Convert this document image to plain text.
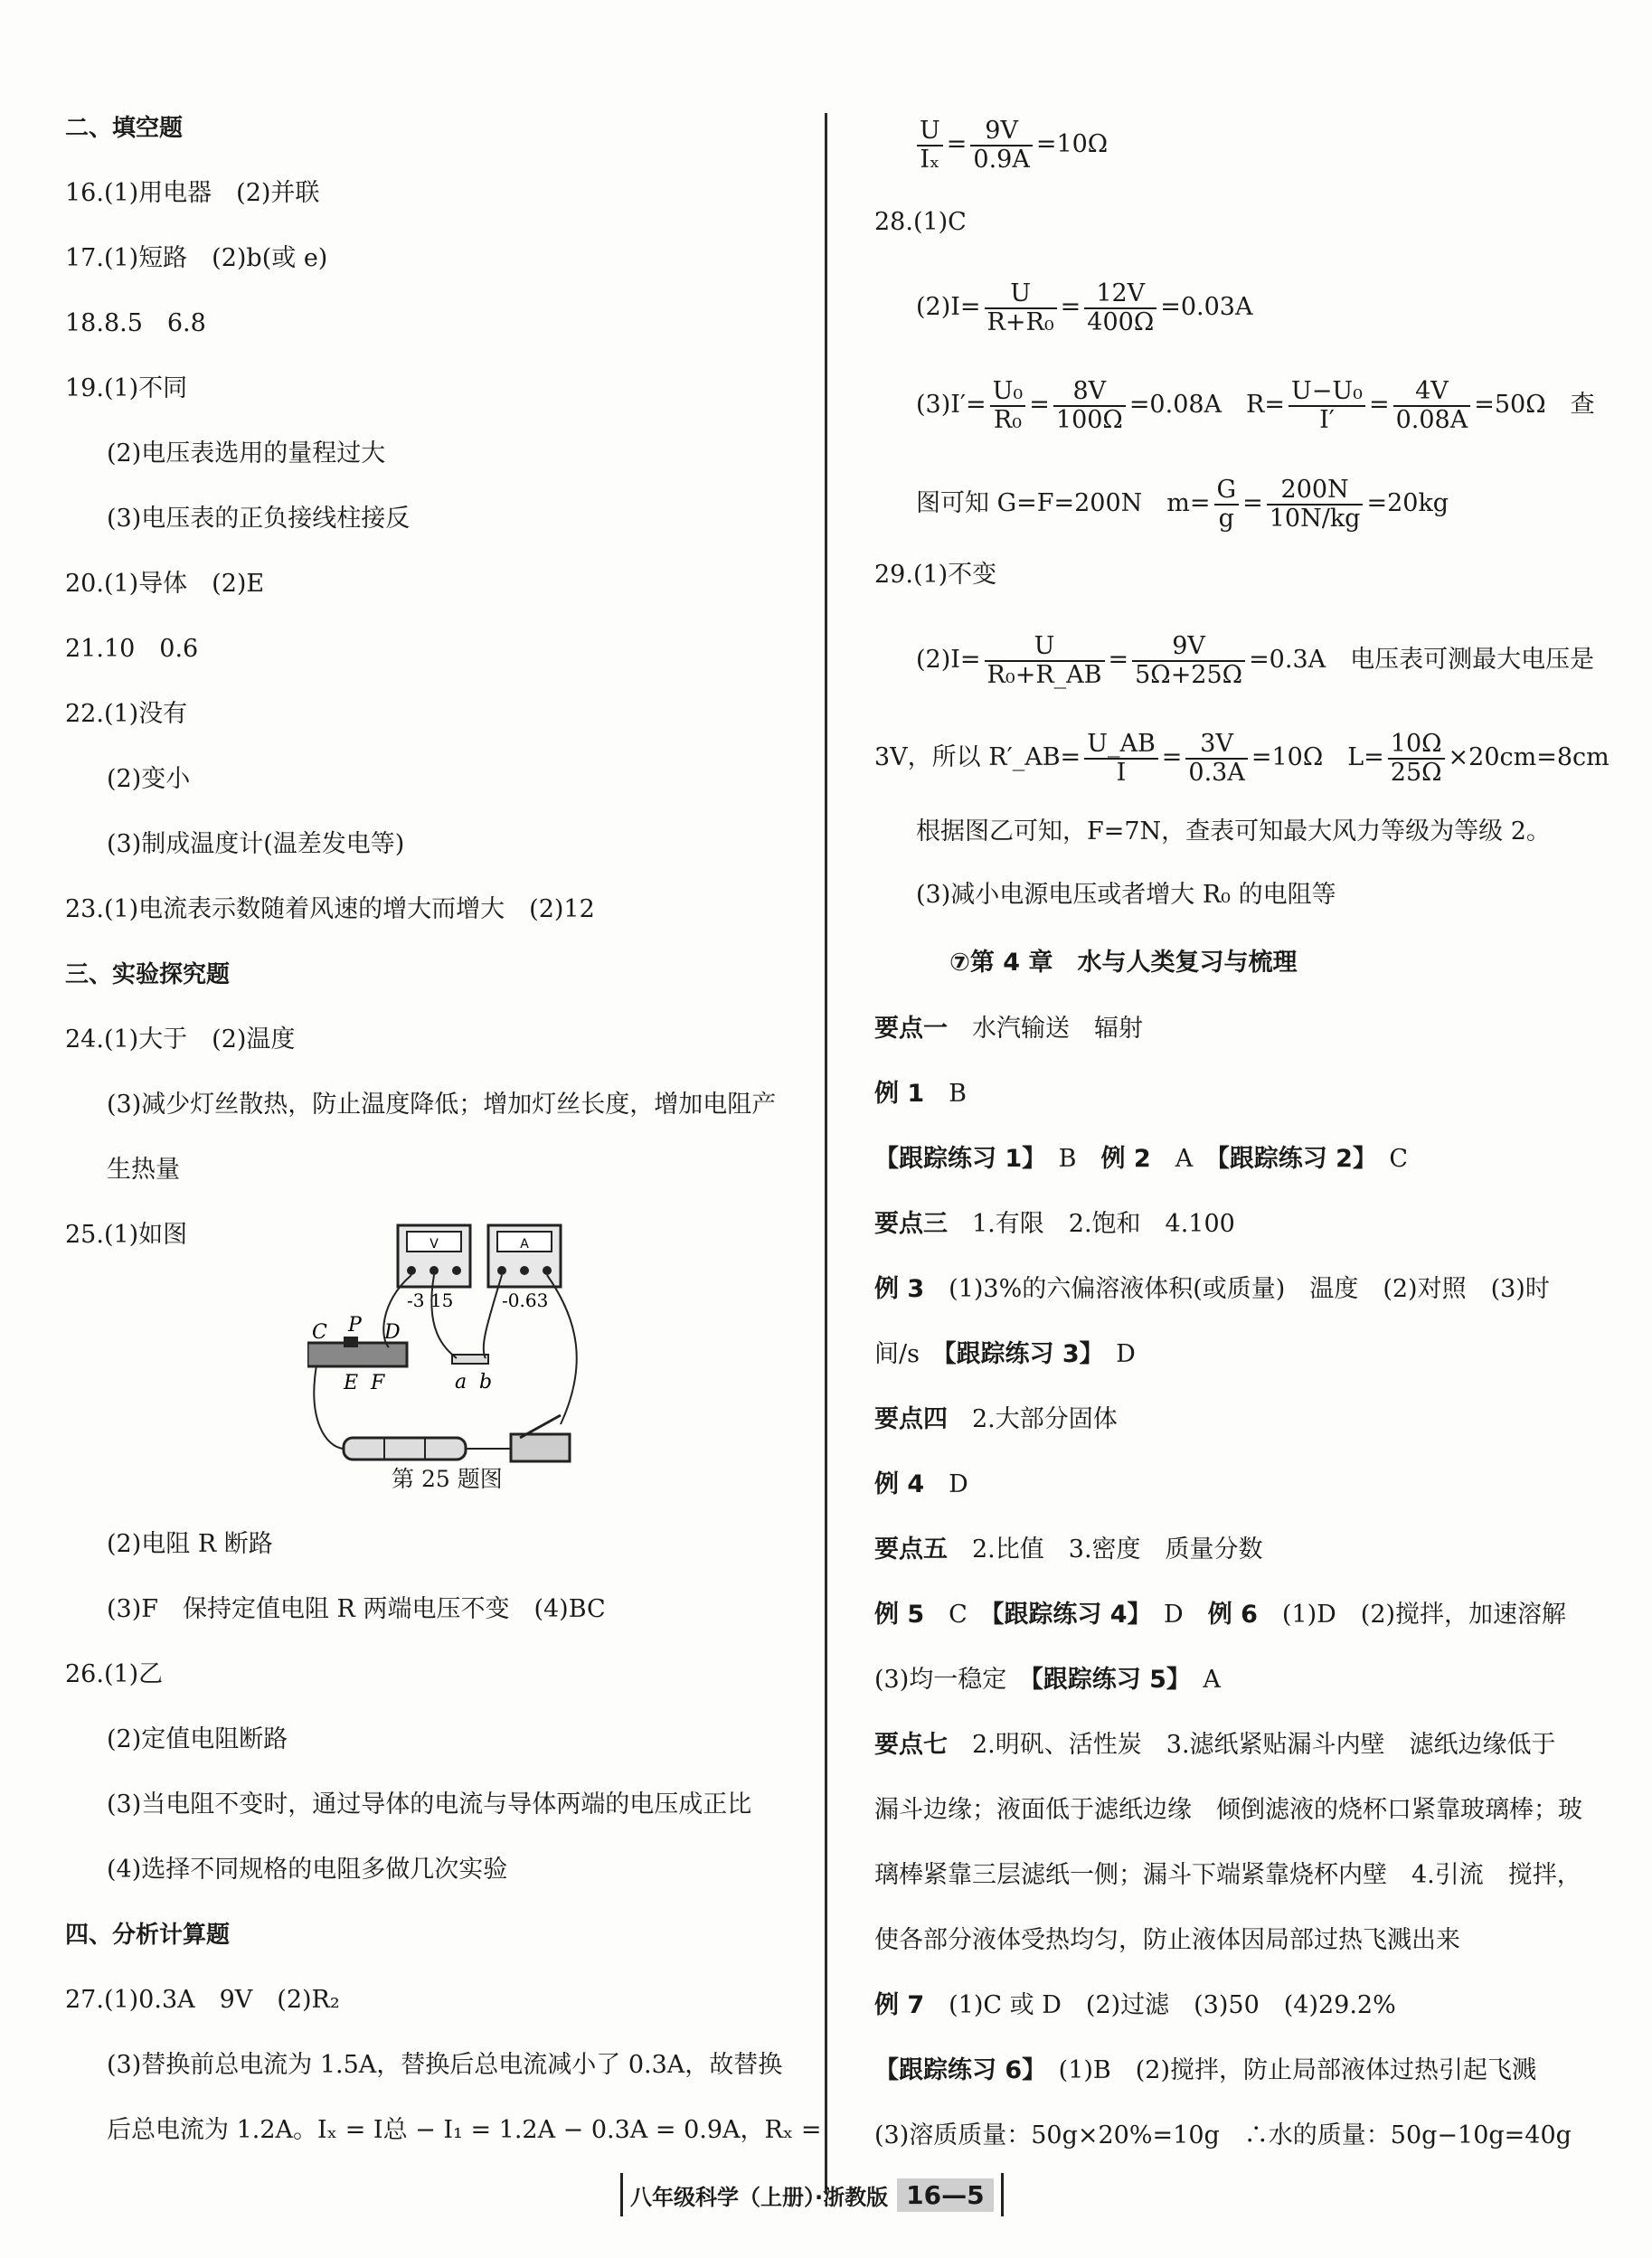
二、填空题
16.(1)用电器　(2)并联
17.(1)短路　(2)b(或 e)
18.8.5　6.8
19.(1)不同
(2)电压表选用的量程过大
(3)电压表的正负接线柱接反
20.(1)导体　(2)E
21.10　0.6
22.(1)没有
(2)变小
(3)制成温度计(温差发电等)
23.(1)电流表示数随着风速的增大而增大　(2)12
三、实验探究题
24.(1)大于　(2)温度
(3)减少灯丝散热，防止温度降低；增加灯丝长度，增加电阻产
生热量
25.(1)如图	V	A
-3 15	-0.63
C P D
E F	a b
第 25 题图
(2)电阻 R 断路
(3)F　保持定值电阻 R 两端电压不变　(4)BC
26.(1)乙
(2)定值电阻断路
(3)当电阻不变时，通过导体的电流与导体两端的电压成正比
(4)选择不同规格的电阻多做几次实验
四、分析计算题
27.(1)0.3A　9V　(2)R₂
(3)替换前总电流为 1.5A，替换后总电流减小了 0.3A，故替换
后总电流为 1.2A。Iₓ = I总 − I₁ = 1.2A − 0.3A = 0.9A，Rₓ =
$\frac{U}{\text{Iₓ}} = \frac{9V}{0.9A} =10\Omega$
28.(1)C
$(2)I= \frac{U}{\text{R+R₀}} = \frac{12V}{400\Omega} =0.03A$
$(3)I'= \frac{\text{U₀}}{\text{R₀}} = \frac{8V}{100\Omega} =0.08A$　$R= \frac{\text{U−U₀}}{I'} = \frac{4V}{0.08A} =50\Omega$　查
图可知 G=F=200N　$m= \frac{G}{g} = \frac{200N}{10N/kg} =20kg$
29.(1)不变
$(2)I= \frac{U}{\text{R₀+R\_AB}} = \frac{9V}{5\Omega+25\Omega} =0.3A$　电压表可测最大电压是
3V，所以 R′_AB= $\frac{U\_AB}{I} = \frac{3V}{0.3A} =10\Omega$　$L= \frac{10\Omega}{25\Omega} \times 20cm=8cm$
根据图乙可知，F=7N，查表可知最大风力等级为等级 2。
(3)减小电源电压或者增大 R₀ 的电阻等
⑦第 4 章　水与人类复习与梳理
要点一　水汽输送　辐射
例 1　B
【跟踪练习 1】　B　例 2　A　【跟踪练习 2】　C
要点三　1.有限　2.饱和　4.100
例 3　(1)3%的六偏溶液体积(或质量)　温度　(2)对照　(3)时
间/s　【跟踪练习 3】　D
要点四　2.大部分固体
例 4　D
要点五　2.比值　3.密度　质量分数
例 5　C　【跟踪练习 4】　D　例 6　(1)D　(2)搅拌，加速溶解
(3)均一稳定　【跟踪练习 5】　A
要点七　2.明矾、活性炭　3.滤纸紧贴漏斗内壁　滤纸边缘低于
漏斗边缘；液面低于滤纸边缘　倾倒滤液的烧杯口紧靠玻璃棒；玻
璃棒紧靠三层滤纸一侧；漏斗下端紧靠烧杯内壁　4.引流　搅拌，
使各部分液体受热均匀，防止液体因局部过热飞溅出来
例 7　(1)C 或 D　(2)过滤　(3)50　(4)29.2%
【跟踪练习 6】　(1)B　(2)搅拌，防止局部液体过热引起飞溅
(3)溶质质量：50g×20%=10g　∴水的质量：50g−10g=40g
八年级科学（上册）·浙教版 16—5
